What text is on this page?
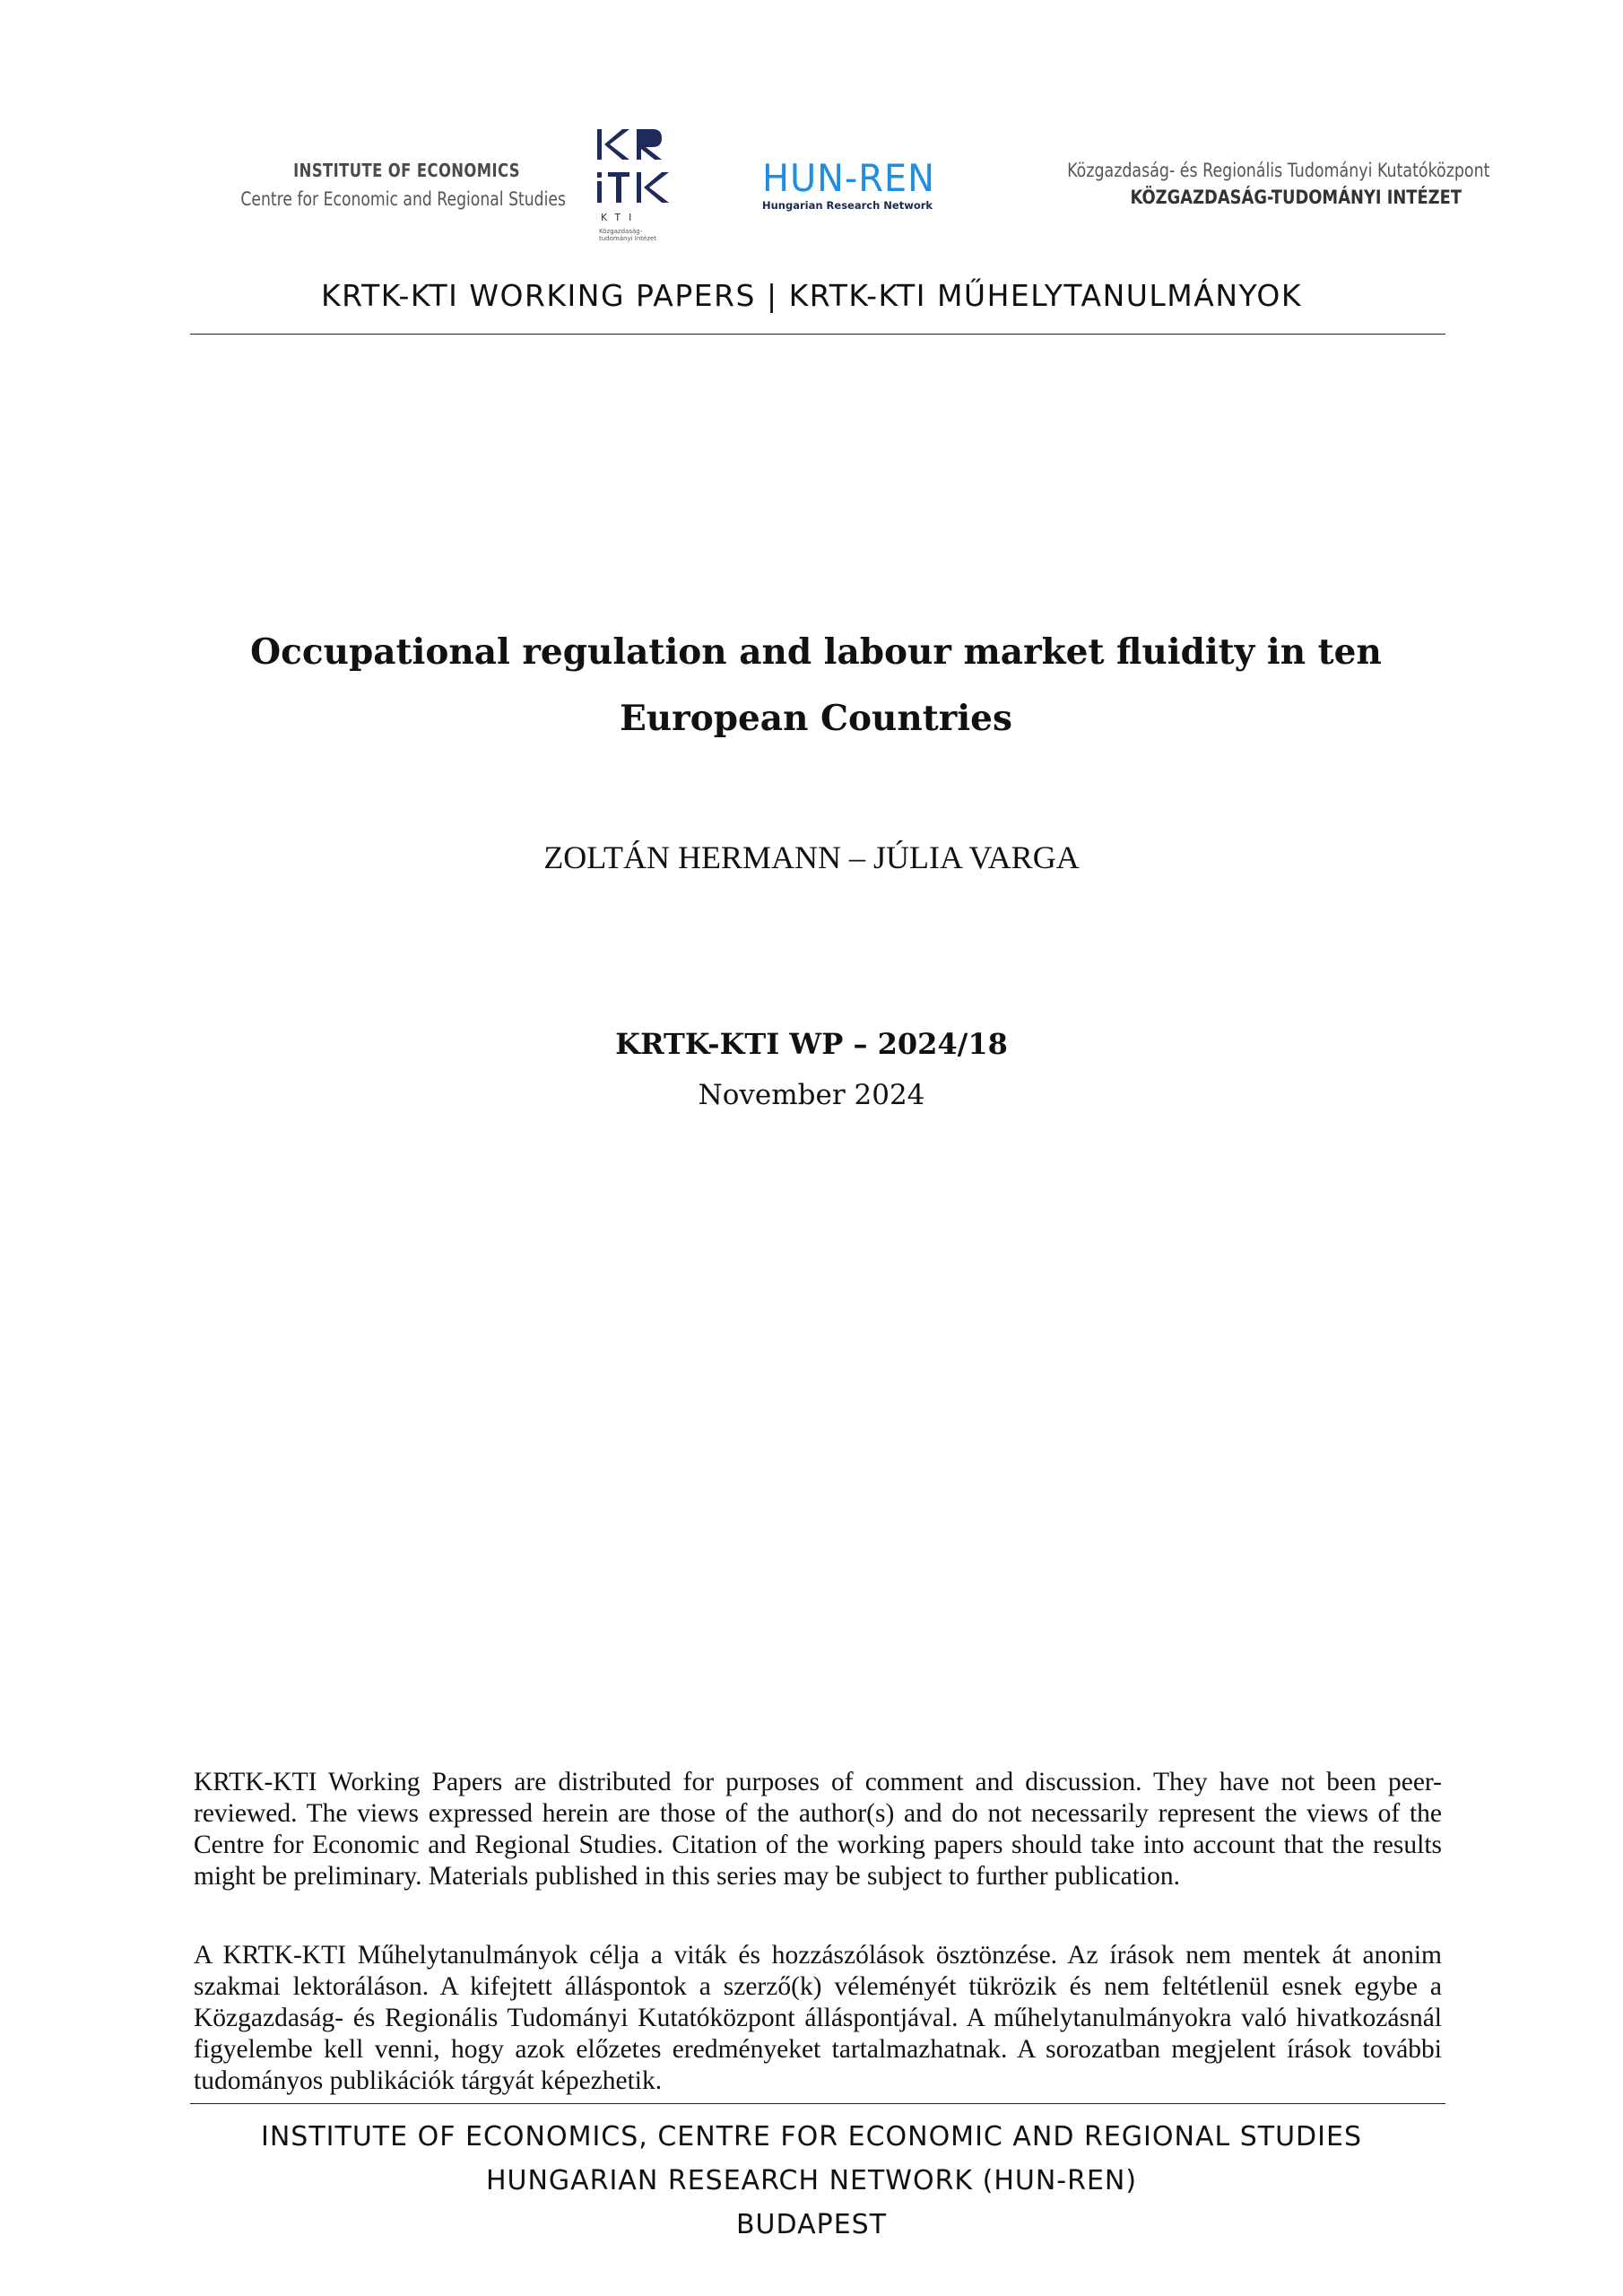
INSTITUTE OF ECONOMICS
Centre for Economic and Regional Studies
KTI
Közgazdaság-tudományi Intézet
HUN-REN
Hungarian Research Network
Közgazdaság- és Regionális Tudományi Kutatóközpont
KÖZGAZDASÁG-TUDOMÁNYI INTÉZET
KRTK-KTI WORKING PAPERS | KRTK-KTI MŰHELYTANULMÁNYOK
Occupational regulation and labour market fluidity in ten European Countries
ZOLTÁN HERMANN – JÚLIA VARGA
KRTK-KTI WP – 2024/18
November 2024
KRTK-KTI Working Papers are distributed for purposes of comment and discussion. They have not been peer-reviewed. The views expressed herein are those of the author(s) and do not necessarily represent the views of the Centre for Economic and Regional Studies. Citation of the working papers should take into account that the results might be preliminary. Materials published in this series may be subject to further publication.
A KRTK-KTI Műhelytanulmányok célja a viták és hozzászólások ösztönzése. Az írások nem mentek át anonim szakmai lektoráláson. A kifejtett álláspontok a szerző(k) véleményét tükrözik és nem feltétlenül esnek egybe a Közgazdaság- és Regionális Tudományi Kutatóközpont álláspontjával. A műhelytanulmányokra való hivatkozásnál figyelembe kell venni, hogy azok előzetes eredményeket tartalmazhatnak. A sorozatban megjelent írások további tudományos publikációk tárgyát képezhetik.
INSTITUTE OF ECONOMICS, CENTRE FOR ECONOMIC AND REGIONAL STUDIES
HUNGARIAN RESEARCH NETWORK (HUN-REN)
BUDAPEST
